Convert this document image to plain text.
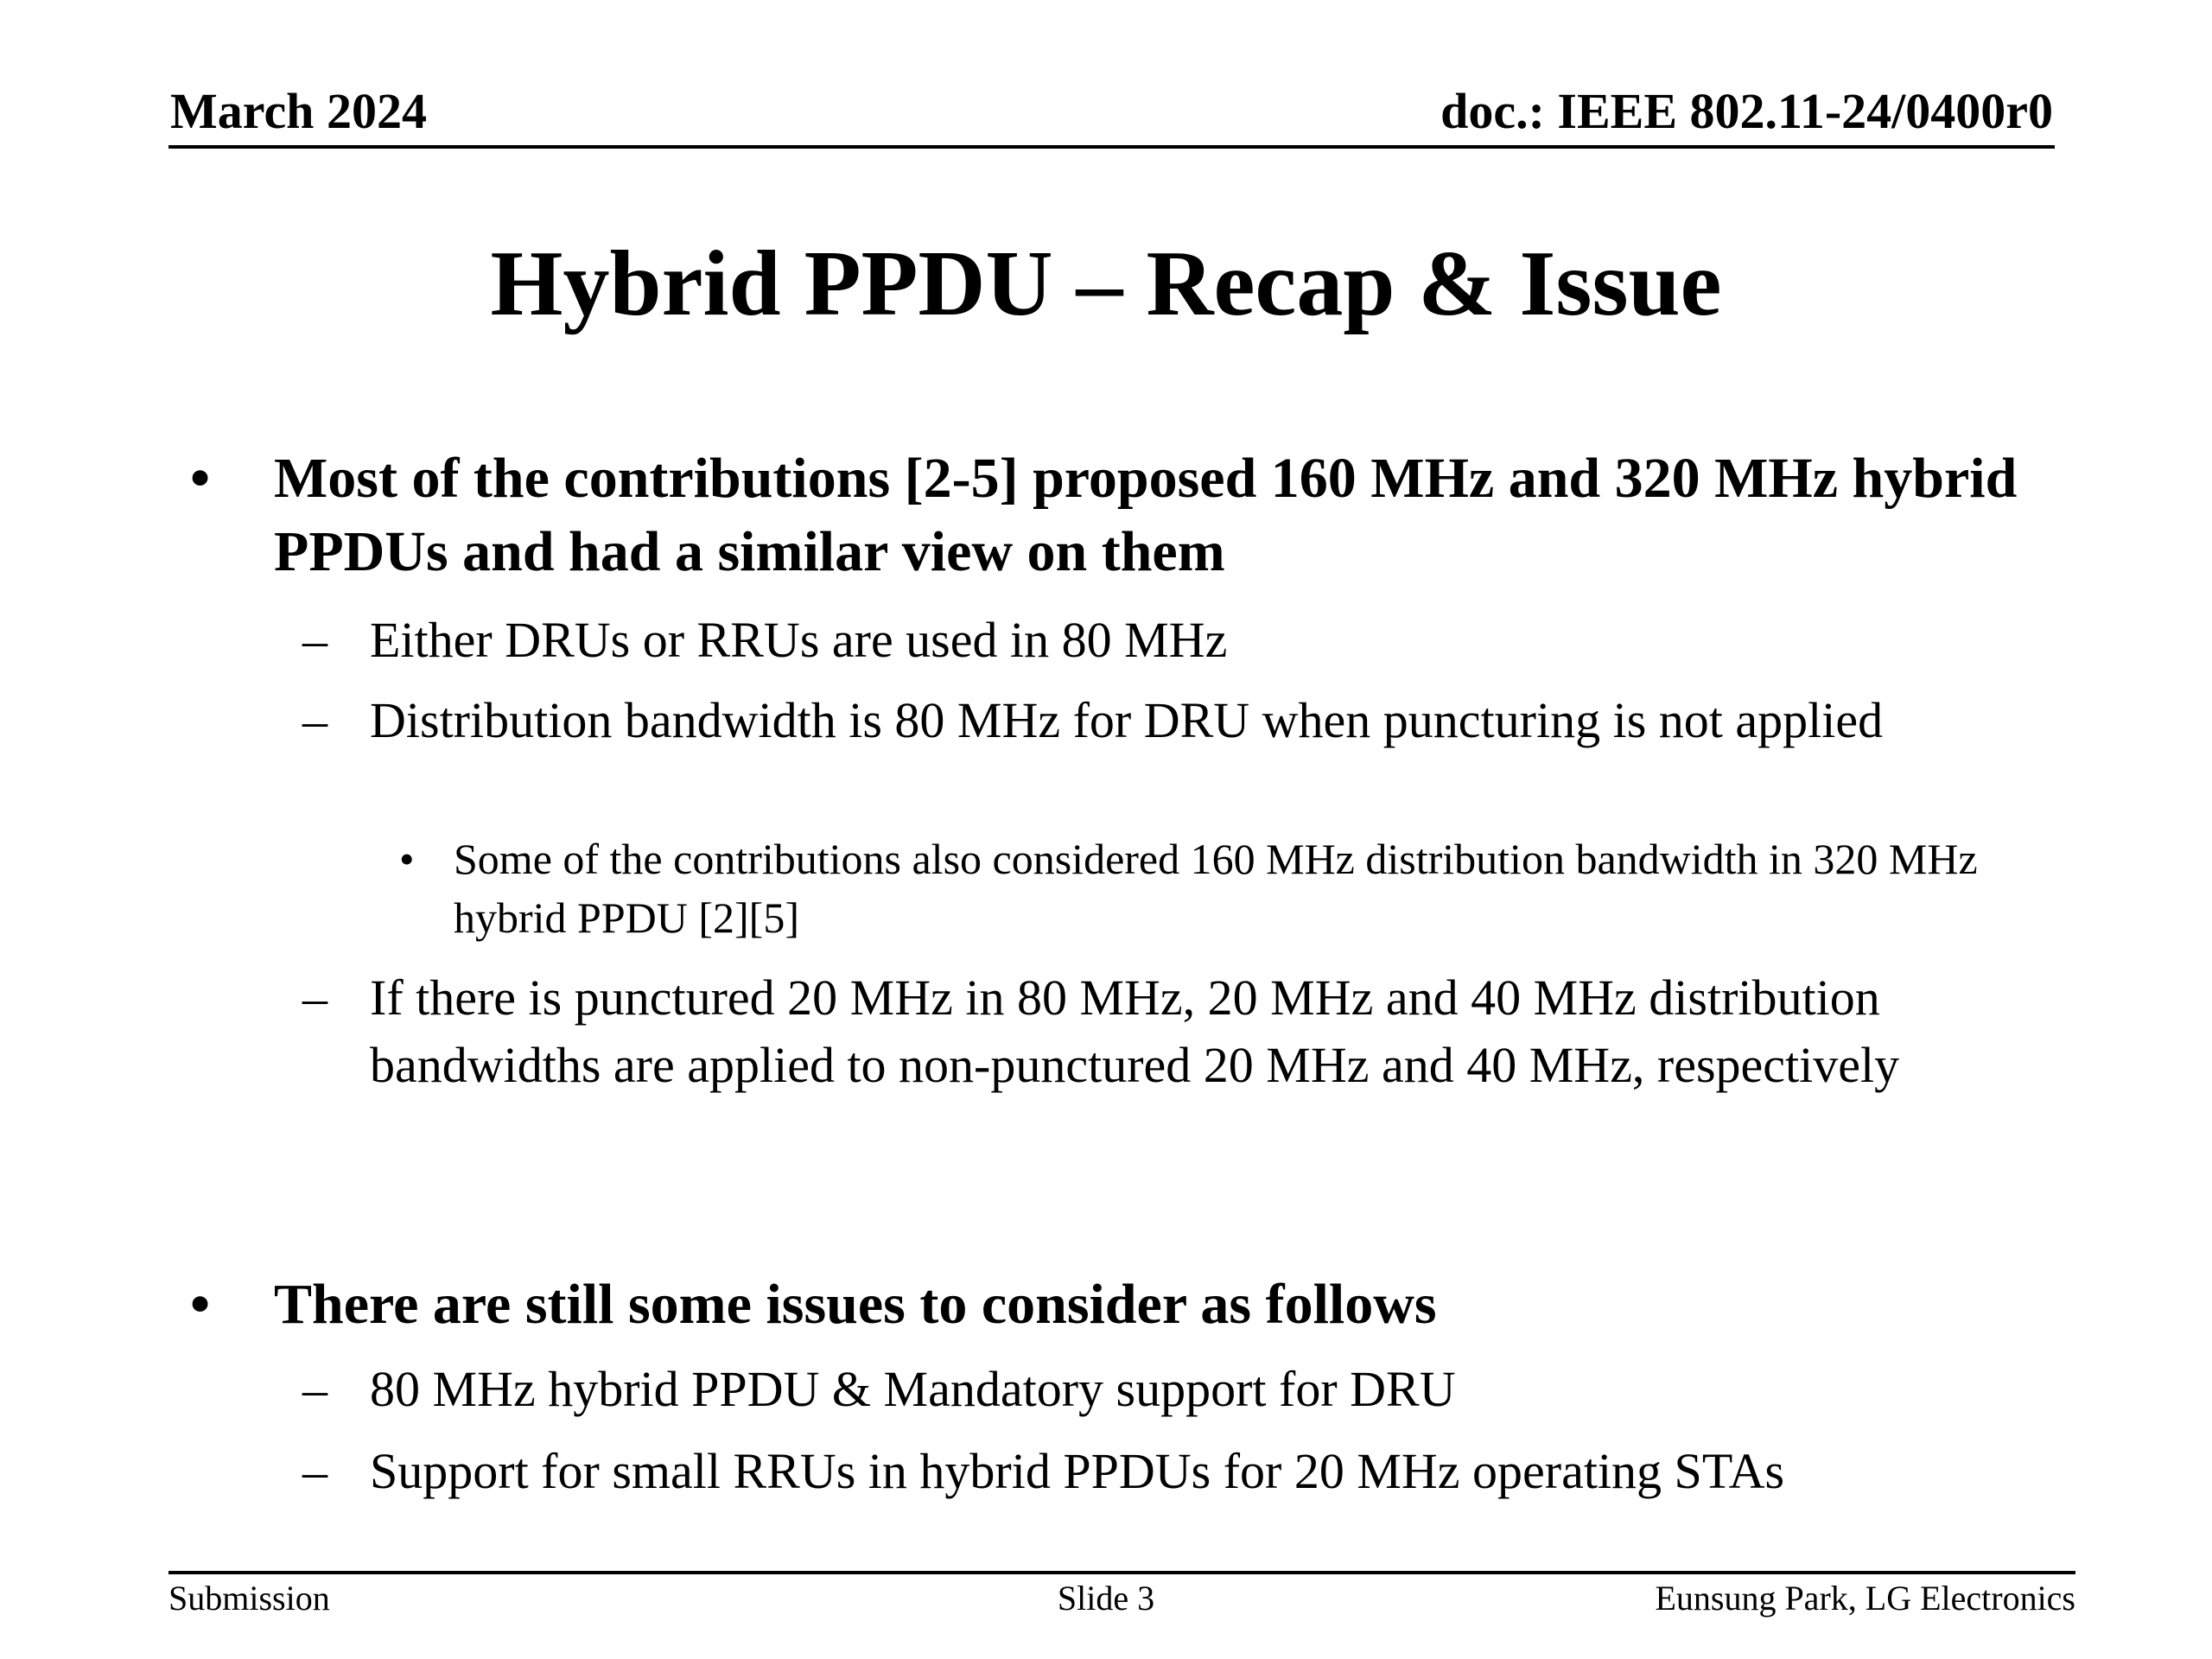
March 2024	doc.: IEEE 802.11-24/0400r0
Hybrid PPDU – Recap & Issue
• Most of the contributions [2-5] proposed 160 MHz and 320 MHz hybrid PPDUs and had a similar view on them
– Either DRUs or RRUs are used in 80 MHz
– Distribution bandwidth is 80 MHz for DRU when puncturing is not applied
• Some of the contributions also considered 160 MHz distribution bandwidth in 320 MHz hybrid PPDU [2][5]
– If there is punctured 20 MHz in 80 MHz, 20 MHz and 40 MHz distribution bandwidths are applied to non-punctured 20 MHz and 40 MHz, respectively
• There are still some issues to consider as follows
– 80 MHz hybrid PPDU & Mandatory support for DRU
– Support for small RRUs in hybrid PPDUs for 20 MHz operating STAs
Submission	Slide 3	Eunsung Park, LG Electronics
